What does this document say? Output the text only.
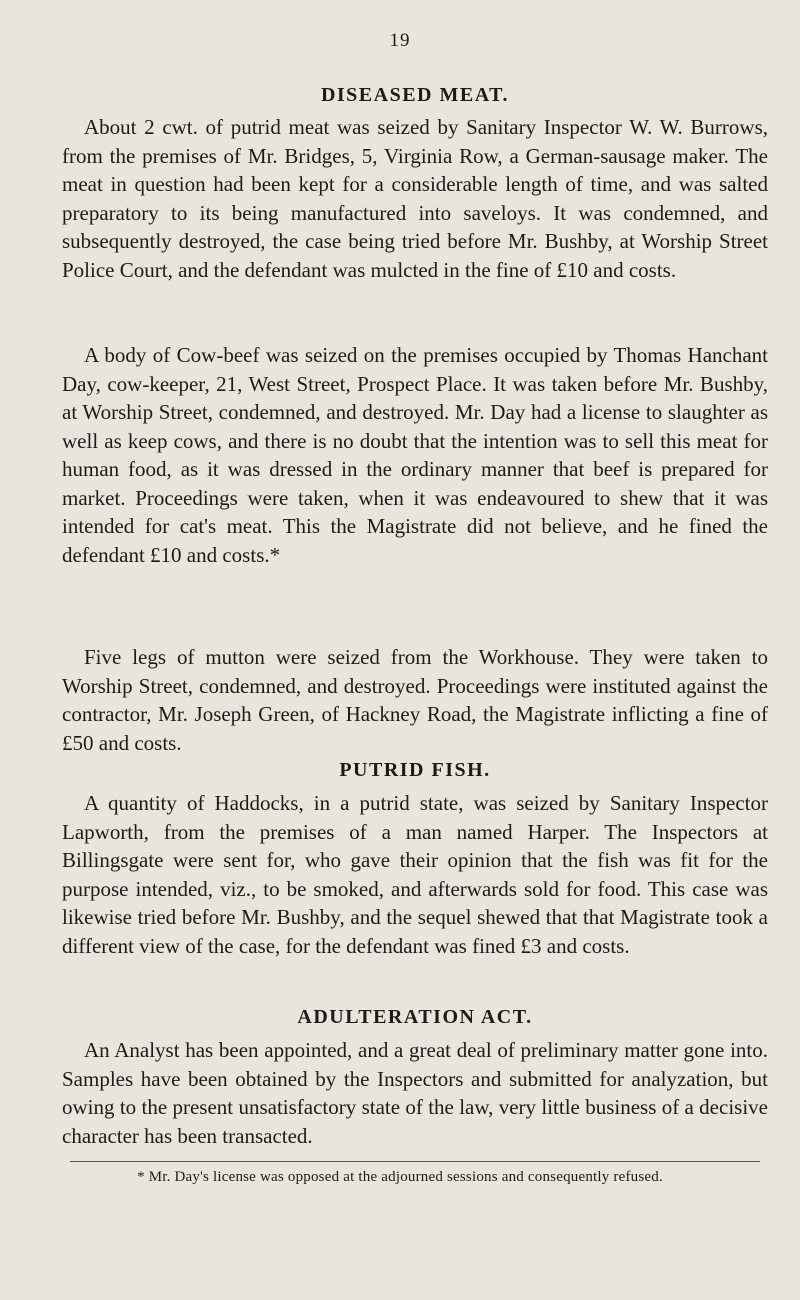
19
DISEASED MEAT.

About 2 cwt. of putrid meat was seized by Sanitary Inspector W. W. Burrows, from the premises of Mr. Bridges, 5, Virginia Row, a German-sausage maker. The meat in question had been kept for a considerable length of time, and was salted preparatory to its being manufactured into saveloys. It was condemned, and subsequently destroyed, the case being tried before Mr. Bushby, at Worship Street Police Court, and the defendant was mulcted in the fine of £10 and costs.

A body of Cow-beef was seized on the premises occupied by Thomas Hanchant Day, cow-keeper, 21, West Street, Prospect Place. It was taken before Mr. Bushby, at Worship Street, condemned, and destroyed. Mr. Day had a license to slaughter as well as keep cows, and there is no doubt that the intention was to sell this meat for human food, as it was dressed in the ordinary manner that beef is prepared for market. Proceedings were taken, when it was endeavoured to shew that it was intended for cat's meat. This the Magistrate did not believe, and he fined the defendant £10 and costs.*

Five legs of mutton were seized from the Workhouse. They were taken to Worship Street, condemned, and destroyed. Proceedings were instituted against the contractor, Mr. Joseph Green, of Hackney Road, the Magistrate inflicting a fine of £50 and costs.

PUTRID FISH.

A quantity of Haddocks, in a putrid state, was seized by Sanitary Inspector Lapworth, from the premises of a man named Harper. The Inspectors at Billingsgate were sent for, who gave their opinion that the fish was fit for the purpose intended, viz., to be smoked, and afterwards sold for food. This case was likewise tried before Mr. Bushby, and the sequel shewed that that Magistrate took a different view of the case, for the defendant was fined £3 and costs.

ADULTERATION ACT.

An Analyst has been appointed, and a great deal of preliminary matter gone into. Samples have been obtained by the Inspectors and submitted for analyzation, but owing to the present unsatisfactory state of the law, very little business of a decisive character has been transacted.

* Mr. Day's license was opposed at the adjourned sessions and consequently refused.
